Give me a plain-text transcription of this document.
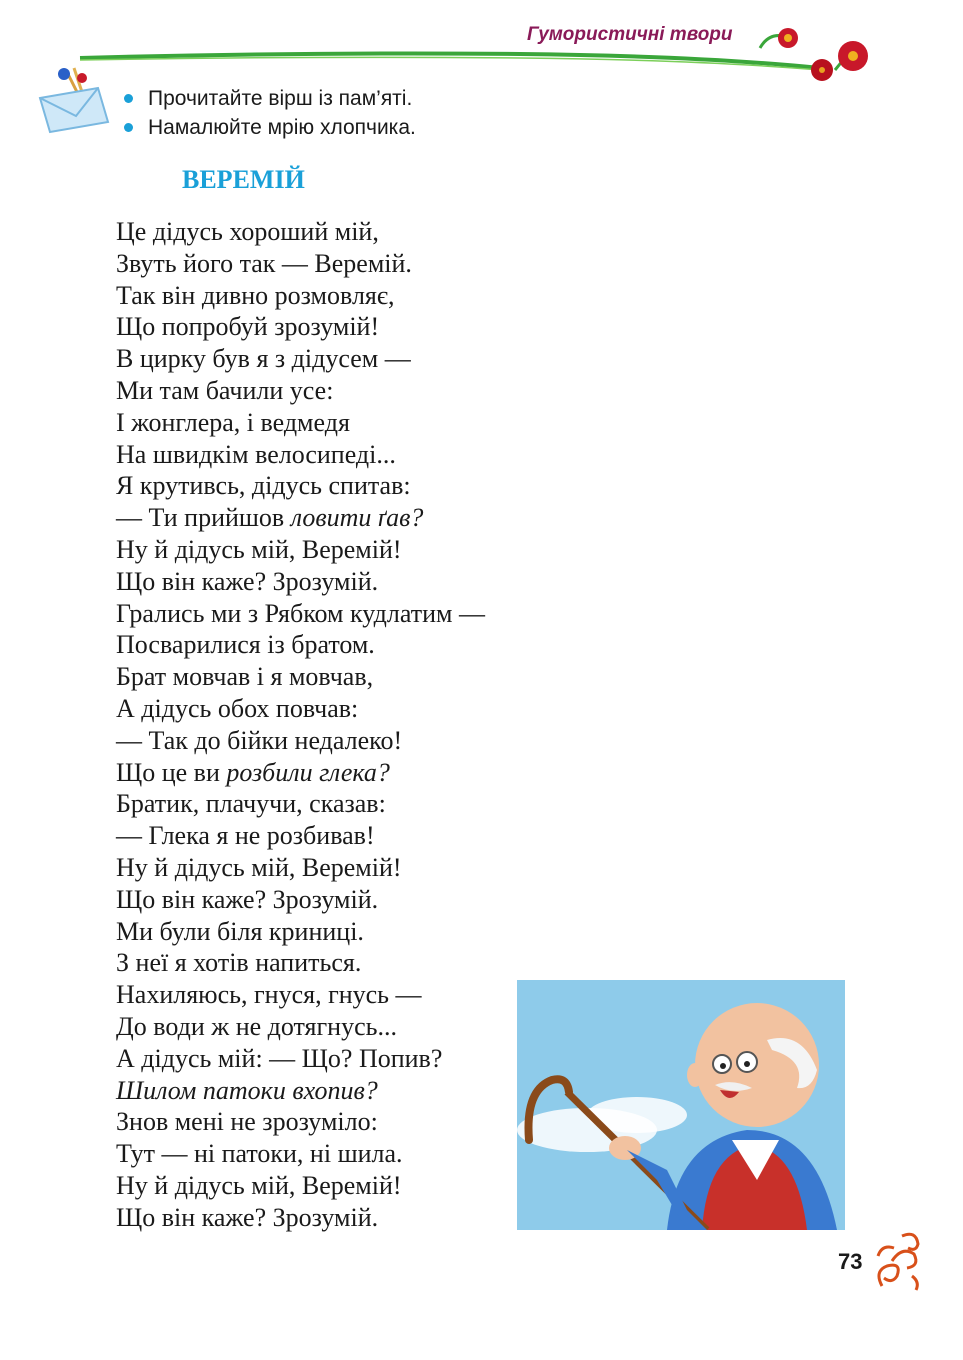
Гумористичні твори
Прочитайте вірш із пам’яті.
Намалюйте мрію хлопчика.
ВЕРЕМІЙ
Це дідусь хороший мій,
Звуть його так — Веремій.
Так він дивно розмовляє,
Що попробуй зрозумій!
В цирку був я з дідусем —
Ми там бачили усе:
І жонглера, і ведмедя
На швидкім велосипеді...
Я крутивсь, дідусь спитав:
— Ти прийшов ловити ґав?
Ну й дідусь мій, Веремій!
Що він каже? Зрозумій.
Грались ми з Рябком кудлатим —
Посварилися із братом.
Брат мовчав і я мовчав,
А дідусь обох повчав:
— Так до бійки недалеко!
Що це ви розбили глека?
Братик, плачучи, сказав:
— Глека я не розбивав!
Ну й дідусь мій, Веремій!
Що він каже? Зрозумій.
Ми були біля криниці.
З неї я хотів напиться.
Нахиляюсь, гнуся, гнусь —
До води ж не дотягнусь...
А дідусь мій: — Що? Попив?
Шилом патоки вхопив?
Знов мені не зрозуміло:
Тут — ні патоки, ні шила.
Ну й дідусь мій, Веремій!
Що він каже? Зрозумій.
73
